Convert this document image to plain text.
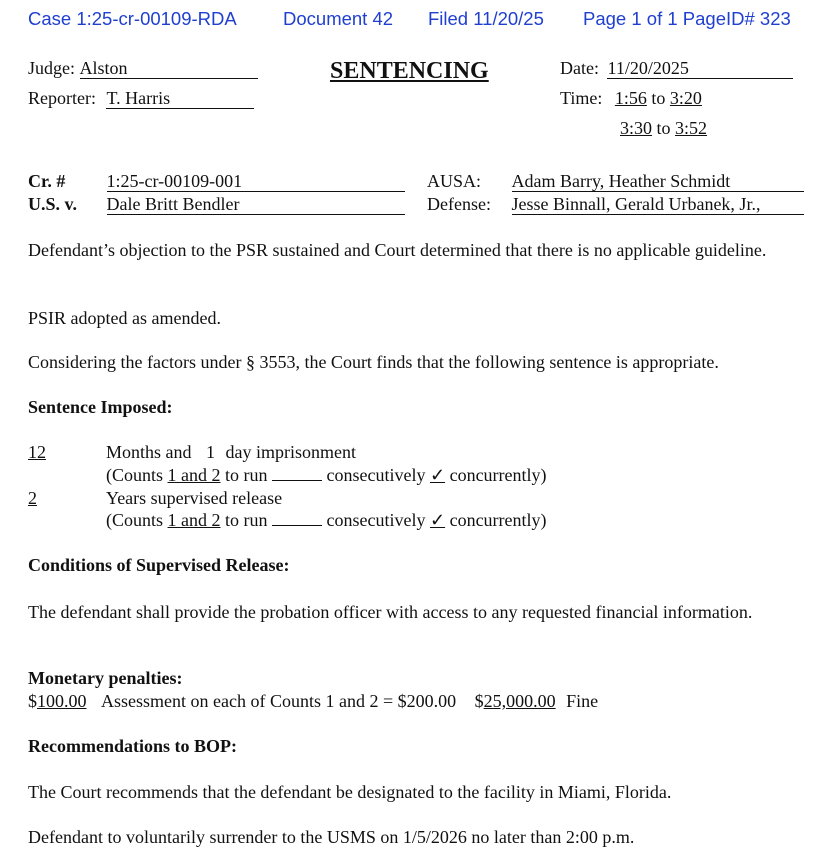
Case 1:25-cr-00109-RDA	Document 42 Filed 11/20/25 Page 1 of 1 PageID# 323
Judge: Alston
Reporter: T. Harris
SENTENCING	Date: 11/20/2025
Time: 1:56 to 3:20
3:30 to 3:52
Cr. # 1:25-cr-00109-001
U.S. v. Dale Britt Bendler
AUSA: Adam Barry, Heather Schmidt
Defense: Jesse Binnall, Gerald Urbanek, Jr.,
Defendant’s objection to the PSR sustained and Court determined that there is no applicable guideline.
PSIR adopted as amended.
Considering the factors under § 3553, the Court finds that the following sentence is appropriate.
Sentence Imposed:
12	Months and 1 day imprisonment
(Counts 1 and 2 to run	consecutively ✓ concurrently)
2	Years supervised release
(Counts 1 and 2 to run	consecutively ✓ concurrently)
Conditions of Supervised Release:
The defendant shall provide the probation officer with access to any requested financial information.
Monetary penalties:
$100.00 Assessment on each of Counts 1 and 2 = $200.00 $25,000.00 Fine
Recommendations to BOP:
The Court recommends that the defendant be designated to the facility in Miami, Florida.
Defendant to voluntarily surrender to the USMS on 1/5/2026 no later than 2:00 p.m.
